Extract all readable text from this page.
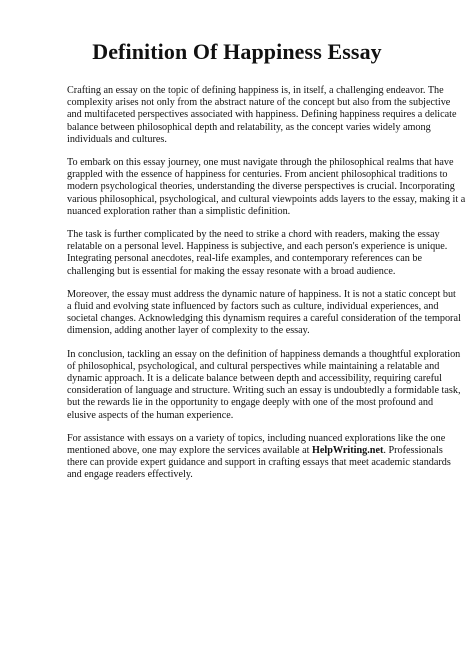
Definition Of Happiness Essay

Crafting an essay on the topic of defining happiness is, in itself, a challenging endeavor. The
complexity arises not only from the abstract nature of the concept but also from the subjective
and multifaceted perspectives associated with happiness. Defining happiness requires a delicate
balance between philosophical depth and relatability, as the concept varies widely among
individuals and cultures.

To embark on this essay journey, one must navigate through the philosophical realms that have
grappled with the essence of happiness for centuries. From ancient philosophical traditions to
modern psychological theories, understanding the diverse perspectives is crucial. Incorporating
various philosophical, psychological, and cultural viewpoints adds layers to the essay, making it a
nuanced exploration rather than a simplistic definition.

The task is further complicated by the need to strike a chord with readers, making the essay
relatable on a personal level. Happiness is subjective, and each person's experience is unique.
Integrating personal anecdotes, real-life examples, and contemporary references can be
challenging but is essential for making the essay resonate with a broad audience.

Moreover, the essay must address the dynamic nature of happiness. It is not a static concept but
a fluid and evolving state influenced by factors such as culture, individual experiences, and
societal changes. Acknowledging this dynamism requires a careful consideration of the temporal
dimension, adding another layer of complexity to the essay.

In conclusion, tackling an essay on the definition of happiness demands a thoughtful exploration
of philosophical, psychological, and cultural perspectives while maintaining a relatable and
dynamic approach. It is a delicate balance between depth and accessibility, requiring careful
consideration of language and structure. Writing such an essay is undoubtedly a formidable task,
but the rewards lie in the opportunity to engage deeply with one of the most profound and
elusive aspects of the human experience.

For assistance with essays on a variety of topics, including nuanced explorations like the one
mentioned above, one may explore the services available at HelpWriting.net. Professionals
there can provide expert guidance and support in crafting essays that meet academic standards
and engage readers effectively.
